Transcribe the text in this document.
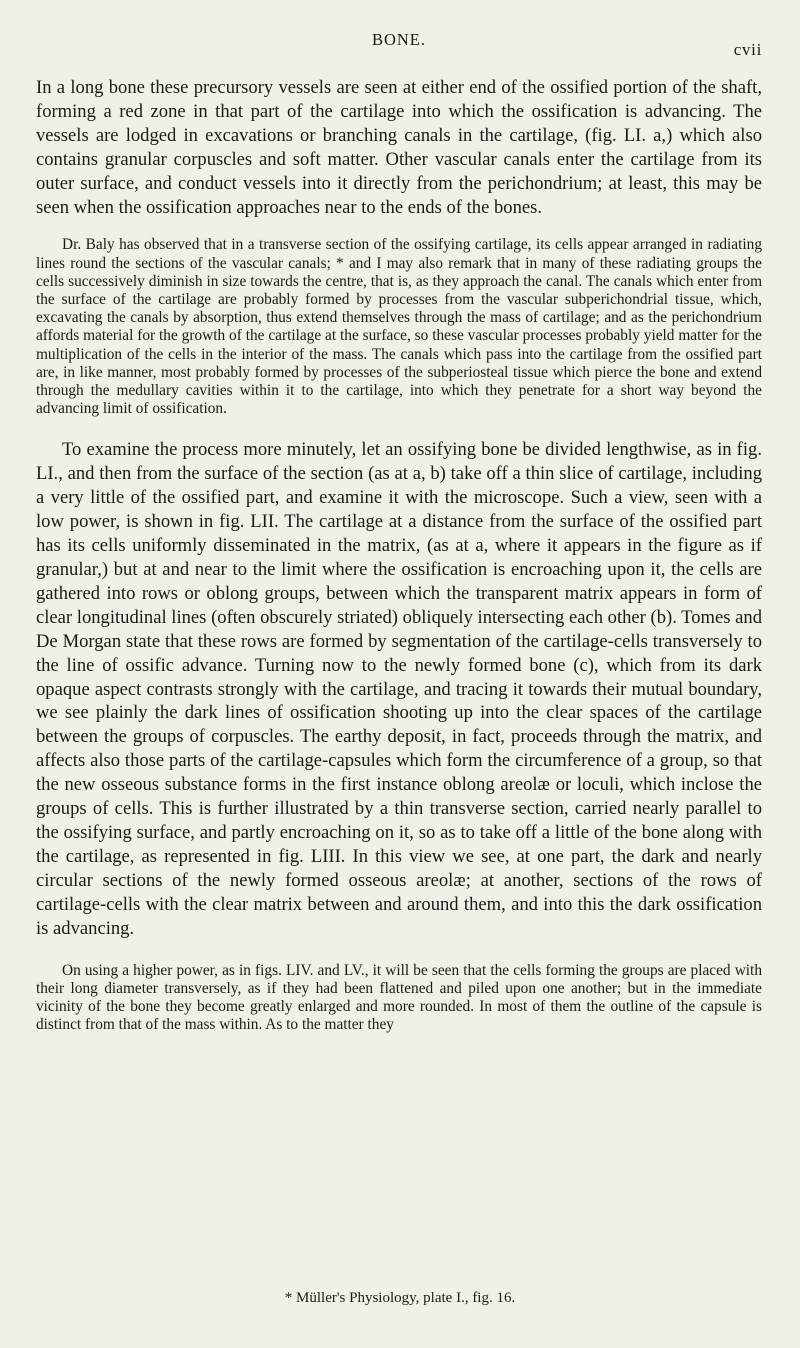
BONE.
cvii

In a long bone these precursory vessels are seen at either end of the ossified portion of the shaft, forming a red zone in that part of the cartilage into which the ossification is advancing. The vessels are lodged in excavations or branching canals in the cartilage, (fig. LI. a,) which also contains granular corpuscles and soft matter. Other vascular canals enter the cartilage from its outer surface, and conduct vessels into it directly from the perichondrium; at least, this may be seen when the ossification approaches near to the ends of the bones.

Dr. Baly has observed that in a transverse section of the ossifying cartilage, its cells appear arranged in radiating lines round the sections of the vascular canals; * and I may also remark that in many of these radiating groups the cells successively diminish in size towards the centre, that is, as they approach the canal. The canals which enter from the surface of the cartilage are probably formed by processes from the vascular subperichondrial tissue, which, excavating the canals by absorption, thus extend themselves through the mass of cartilage; and as the perichondrium affords material for the growth of the cartilage at the surface, so these vascular processes probably yield matter for the multiplication of the cells in the interior of the mass. The canals which pass into the cartilage from the ossified part are, in like manner, most probably formed by processes of the subperiosteal tissue which pierce the bone and extend through the medullary cavities within it to the cartilage, into which they penetrate for a short way beyond the advancing limit of ossification.

To examine the process more minutely, let an ossifying bone be divided lengthwise, as in fig. LI., and then from the surface of the section (as at a, b) take off a thin slice of cartilage, including a very little of the ossified part, and examine it with the microscope. Such a view, seen with a low power, is shown in fig. LII. The cartilage at a distance from the surface of the ossified part has its cells uniformly disseminated in the matrix, (as at a, where it appears in the figure as if granular,) but at and near to the limit where the ossification is encroaching upon it, the cells are gathered into rows or oblong groups, between which the transparent matrix appears in form of clear longitudinal lines (often obscurely striated) obliquely intersecting each other (b). Tomes and De Morgan state that these rows are formed by segmentation of the cartilage-cells transversely to the line of ossific advance. Turning now to the newly formed bone (c), which from its dark opaque aspect contrasts strongly with the cartilage, and tracing it towards their mutual boundary, we see plainly the dark lines of ossification shooting up into the clear spaces of the cartilage between the groups of corpuscles. The earthy deposit, in fact, proceeds through the matrix, and affects also those parts of the cartilage-capsules which form the circumference of a group, so that the new osseous substance forms in the first instance oblong areolæ or loculi, which inclose the groups of cells. This is further illustrated by a thin transverse section, carried nearly parallel to the ossifying surface, and partly encroaching on it, so as to take off a little of the bone along with the cartilage, as represented in fig. LIII. In this view we see, at one part, the dark and nearly circular sections of the newly formed osseous areolæ; at another, sections of the rows of cartilage-cells with the clear matrix between and around them, and into this the dark ossification is advancing.

On using a higher power, as in figs. LIV. and LV., it will be seen that the cells forming the groups are placed with their long diameter transversely, as if they had been flattened and piled upon one another; but in the immediate vicinity of the bone they become greatly enlarged and more rounded. In most of them the outline of the capsule is distinct from that of the mass within. As to the matter they

* Müller's Physiology, plate I., fig. 16.
